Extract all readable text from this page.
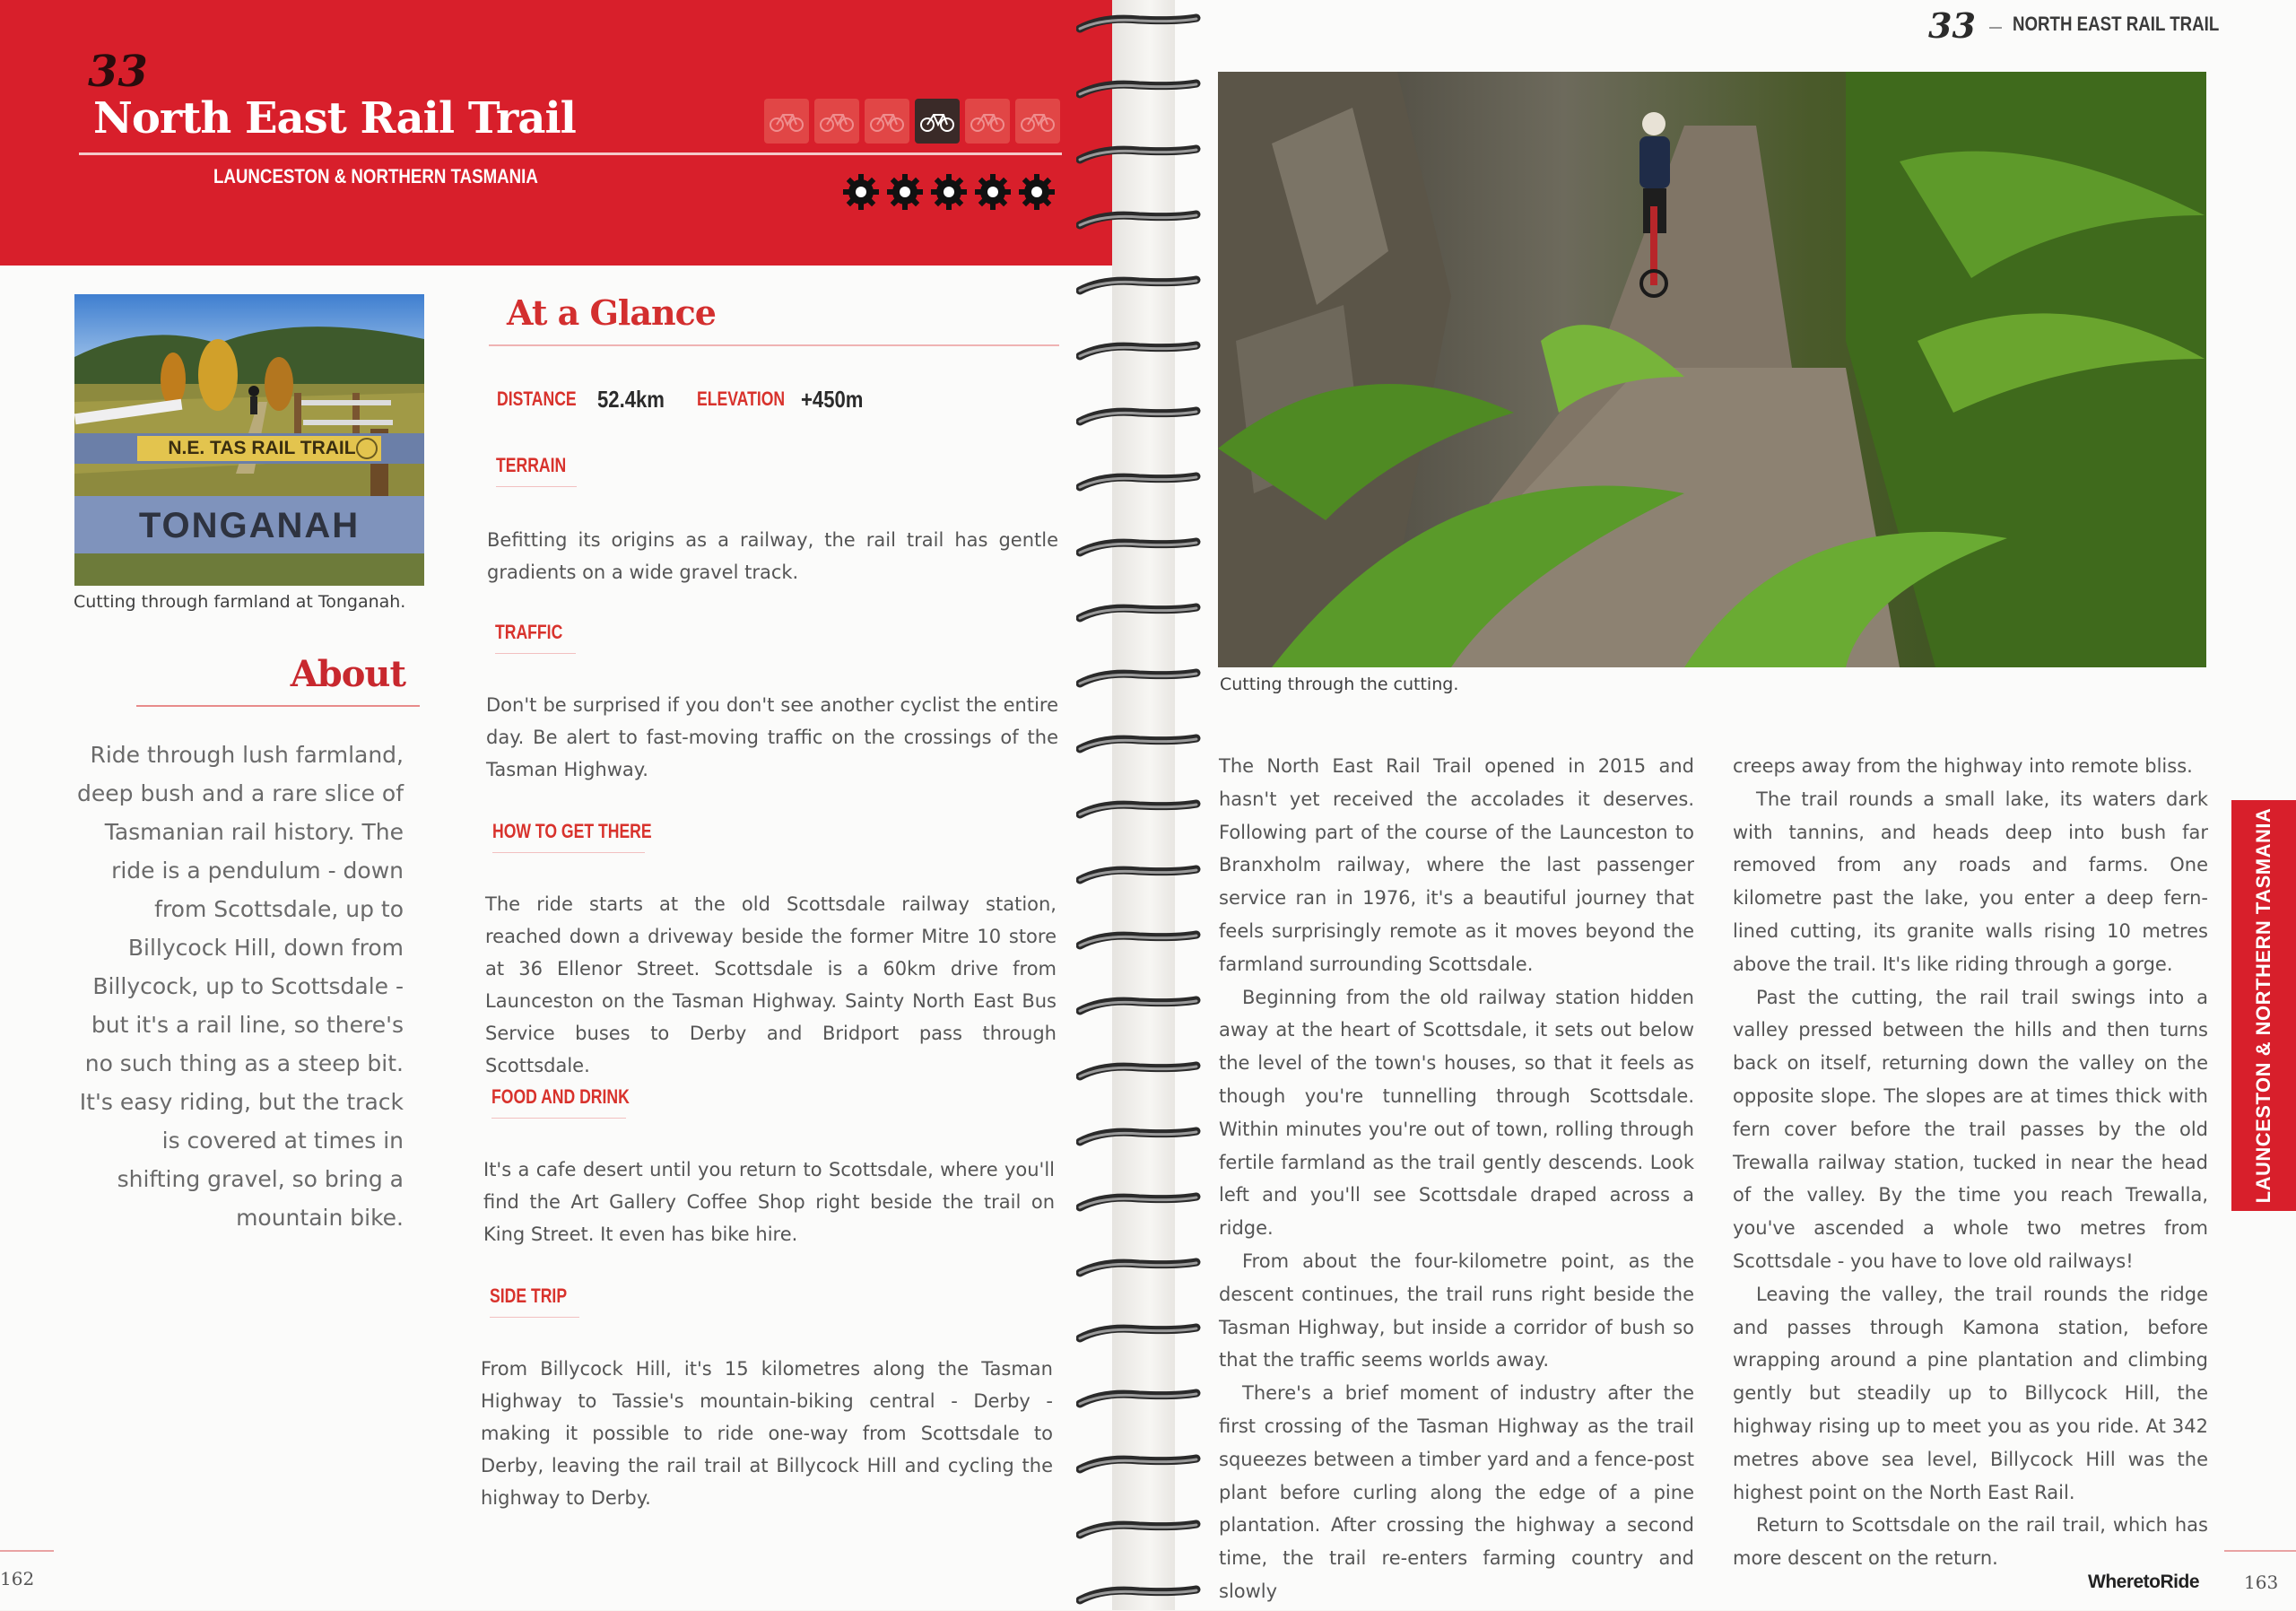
33
North East Rail Trail
LAUNCESTON & NORTHERN TASMANIA
N.E. TAS RAIL TRAIL
TONGANAH
Cutting through farmland at Tonganah.
About
Ride through lush farmland, deep bush and a rare slice of Tasmanian rail history. The ride is a pendulum - down from Scottsdale, up to Billycock Hill, down from Billycock, up to Scottsdale - but it's a rail line, so there's no such thing as a steep bit. It's easy riding, but the track is covered at times in shifting gravel, so bring a mountain bike.
At a Glance
DISTANCE 52.4km	ELEVATION +450m
TERRAIN
Befitting its origins as a railway, the rail trail has gentle gradients on a wide gravel track.
TRAFFIC
Don't be surprised if you don't see another cyclist the entire day. Be alert to fast-moving traffic on the crossings of the Tasman Highway.
HOW TO GET THERE
The ride starts at the old Scottsdale railway station, reached down a driveway beside the former Mitre 10 store at 36 Ellenor Street. Scottsdale is a 60km drive from Launceston on the Tasman Highway. Sainty North East Bus Service buses to Derby and Bridport pass through Scottsdale.
FOOD AND DRINK
It's a cafe desert until you return to Scottsdale, where you'll find the Art Gallery Coffee Shop right beside the trail on King Street. It even has bike hire.
SIDE TRIP
From Billycock Hill, it's 15 kilometres along the Tasman Highway to Tassie's mountain-biking central - Derby - making it possible to ride one-way from Scottsdale to Derby, leaving the rail trail at Billycock Hill and cycling the highway to Derby.
162
33 NORTH EAST RAIL TRAIL
Cutting through the cutting.

The North East Rail Trail opened in 2015 and hasn't yet received the accolades it deserves. Following part of the course of the Launceston to Branxholm railway, where the last passenger service ran in 1976, it's a beautiful journey that feels surprisingly remote as it moves beyond the farmland surrounding Scottsdale.

Beginning from the old railway station hidden away at the heart of Scottsdale, it sets out below the level of the town's houses, so that it feels as though you're tunnelling through Scottsdale. Within minutes you're out of town, rolling through fertile farmland as the trail gently descends. Look left and you'll see Scottsdale draped across a ridge.

From about the four-kilometre point, as the descent continues, the trail runs right beside the Tasman Highway, but inside a corridor of bush so that the traffic seems worlds away.

There's a brief moment of industry after the first crossing of the Tasman Highway as the trail squeezes between a timber yard and a fence-post plant before curling along the edge of a pine plantation. After crossing the highway a second time, the trail re-enters farming country and slowly

creeps away from the highway into remote bliss.

The trail rounds a small lake, its waters dark with tannins, and heads deep into bush far removed from any roads and farms. One kilometre past the lake, you enter a deep fern-lined cutting, its granite walls rising 10 metres above the trail. It's like riding through a gorge.

Past the cutting, the rail trail swings into a valley pressed between the hills and then turns back on itself, returning down the valley on the opposite slope. The slopes are at times thick with fern cover before the trail passes by the old Trewalla railway station, tucked in near the head of the valley. By the time you reach Trewalla, you've ascended a whole two metres from Scottsdale - you have to love old railways!

Leaving the valley, the trail rounds the ridge and passes through Kamona station, before wrapping around a pine plantation and climbing gently but steadily up to Billycock Hill, the highway rising up to meet you as you ride. At 342 metres above sea level, Billycock Hill was the highest point on the North East Rail.

Return to Scottsdale on the rail trail, which has more descent on the return.

LAUNCESTON & NORTHERN TASMANIA
WheretoRide 163
